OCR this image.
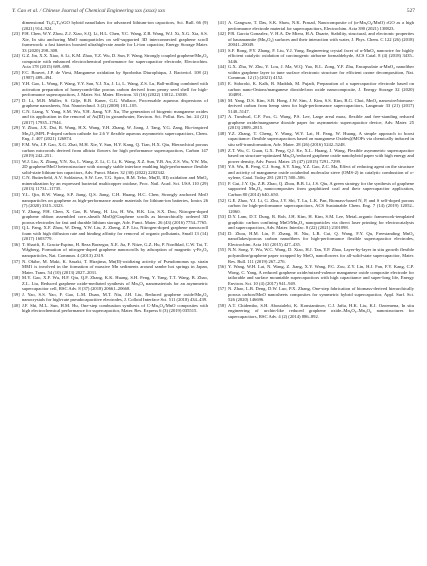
Y. Cao et al. / Chinese Journal of Chemical Engineering xxx (xxxx) xxx	527

dimensional Ti₃C₂Tₓ/rGO hybrid nanoflakes for advanced lithium-ion capacitors, Sci. Bull. 66 (9) (2021) 914–924.

[23] P.H. Chen, W.Y. Zhou, Z.J. Xiao, S.Q. Li, H.L. Chen, Y.C. Wang, Z.B. Wang, W.J. Xi, X.G. Xia, S.S. Xie, In situ anchoring MnO nanoparticles on self-supported 3D interconnected graphene scroll framework: a fast kinetics boosted ultrahigh-rate anode for Li-ion capacitor, Energy Storage Mater. 33 (2020) 298–308.

[24] G.Z. Jin, X.X. Xiao, S. Li, K.M. Zhao, Y.Z. Wu, D. Sun, F. Wang, Strongly coupled graphene/Mn₃O₄ composite with enhanced electrochemical performance for supercapacitor electrode, Electrochim. Acta 178 (2015) 689–698.

[25] F.C. Bouvet, J.P. de Viest, Manganese oxidation by Sprobrdus Diurophiqus, J. Bacteriol. 108 (2) (1987) 489–494.

[26] Y.H. Gao, L. Wang, F. Wang, Y.Y. Sun, Y.J. Xu, J. Li, L. Wang, Z.S. Lu, Ball-milling combined with activation preparation of honeycomb-like porous carbon derived from peony seed shell for high-performance supercapacitors, J. Mater. Sci. Mater. Electron. 33 (16) (2022) 13012–13038.

[27] D. Li, M.B. Müller, S. Gilje, R.B. Kaner, G.G. Wallace, Processable aqueous dispersions of graphene nanosheets, Nat. Nanotechnol. 3 (2) (2008) 101–105.

[28] C.N. Liang, Y. Yang, S.M. Wu, Y.H. Jiang, Y.F. Xu, The generation of biogenic manganese oxides and its application in the removal of As(III) in groundwater, Environ. Sci. Pollut. Res. Int. 24 (21) (2017) 17935–17944.

[29] Y. Zhou, J.X. Dai, R. Wang, H.X. Wang, Y.H. Zhang, W. Jiang, J. Tang, Y.G. Zang, Bio-inspired Mn₃O₄/MPL P-doped carbon cathode for 2.6 V flexible aqueous asymmetric supercapacitors, Chem. Eng. J. 407 (2021) 126874.

[30] F.M. Wu, J.P. Gao, X.G. Zhai, M.H. Xie, Y. Sun, H.Y. Kang, Q. Tian, H.X. Qiu, Hierarchical porous carbon microrods derived from albizia flowers for high performance supercapacitors, Carbon 147 (2019) 242–251.

[31] W.J. Liu, X. Zhang, Y.N. Xu, L. Wang, Z. Li, C. Li, K. Wang, X.Z. Sun, Y.B. An, Z.S. Wu, Y.W. Ma, 2D graphene/MnO heterostructure with strongly stable interface enabling high-performance flexible solid-state lithium-ion capacitors, Adv. Funct. Mater. 32 (30) (2022) 2202342.

[32] C.N. Butterfield, A.V. Soldatova, S.W. Lee, T.G. Spiro, B.M. Tebo, Mn(II, III) oxidation and MnO₂ mineralization by an expressed bacterial multicopper oxidase, Proc. Natl. Acad. Sci. USA 110 (29) (2013) 11731–11735.

[33] Y.L. Qin, R.W. Wang, S.P. Jiang, Q.S. Jiang, C.H. Huang, H.C. Chen, Strongly anchored MnO nanoparticles on graphene as high-performance anode materials for lithium-ion batteries, Ionics 26 (7) (2020) 3315–3323.

[34] Y. Zhang, P.H. Chen, X. Gao, B. Wang, H. Liu, H. Wu, H.K. Liu, S.X. Dou, Nitrogen-doped graphene ribbon assembled core–sheath MnO@Graphene scrolls as hierarchically ordered 3D porous electrodes for fast and durable lithium storage, Adv. Funct. Mater. 26 (43) (2016) 7754–7765.

[35] Q.L. Fang, X.F. Zhou, W. Deng, Y.W. Liu, Z. Zheng, Z.F. Liu, Nitrogen-doped graphene nanoscroll foam with high diffusion rate and binding affinity for removal of organic pollutants, Small 13 (14) (2017) 1603779.

[36] T. Sharifi, E. Gracia-Espino, H. Reza Barzegar, X.E. Jia, F. Nitze, G.Z. Hu, P. Nordblad, C.W. Tai, T. Wågberg, Formation of nitrogen-doped graphene nanoscrolls by adsorption of magnetic γ-Fe₂O₃ nanoparticles, Nat. Commun. 4 (2013) 2319.

[37] N. Okibe, M. Maki, K. Sasaki, T. Hirajima, Mn(II)-oxidizing activity of Pseudomonas sp. strain MM1 is involved in the formation of massive Mn sediments around sambe hot springs in Japan, Mater. Trans. 54 (10) (2013) 2027–2031.

[38] M.Y. Gao, X.F. Wu, H.F. Qiu, Q.F. Zhang, K.K. Huang, S.H. Feng, Y. Yang, T.T. Wang, B. Zhao, Z.L. Liu, Reduced graphene oxide-mediated synthesis of Mn₃O₄ nanomaterials for an asymmetric supercapacitor cell, RSC Adv. 8 (37) (2018) 20661–20668.

[39] J. Yao, S.S. Yao, F. Gao, L.M. Duan, M.T. Niu, J.H. Liu, Reduced graphene oxide/Mn₃O₄ nanocrystals for high-rate pseudocapacitive electrodes, J. Colloid Interface Sci. 511 (2018) 434–439.

[40] J.F. Shi, M.L. Sun, H.M. Hu, One-step combustion synthesis of C-Mn₃O₄/MnO composites with high electrochemical performance for supercapacitor, Mater. Res. Express 6 (3) (2019) 035515.

[41] A. Gangwar, T. Das, S.K. Shaw, N.K. Prasad, Nanocomposite of (α-Mn₃O₄/MnO) rGO as a high performance electrode material for supercapacitors, Electrochim. Acta 390 (2021) 138823.

[42] P.R. Garcia Gonzalez, V. H.A. De Miera, H.A. Duarte, Stability, structural, and electronic properties of hausmannite (Mn₃O₄) surfaces and their interaction with water, J. Phys. Chem. C 122 (26) (2018) 20041–20049.

[43] S.F. Rong, P.Y. Zhang, F. Liu, Y.J. Yang, Engineering crystal facet of α-MnO₂ nanowire for highly efficient catalytic oxidation of carcinogenic airborne formaldehyde, ACS Catal. 8 (4) (2018) 3435–3446.

[44] G.X. Zhu, W. Zhu, Y. Lou, J. Ma, W.Q. Yao, R.L. Zong, Y.F. Zhu, Encapsulate α-MnO₂ nanofiber within graphene layer to tune surface electronic structure for efficient ozone decomposition, Nat. Commun. 12 (1) (2021) 4152.

[45] E. Sidoroki, K. Kalb, B. Maddah, M. Pujadi, Preparation of a supercapacitor electrode based on carbon nano-Onions/manganese dioxide/iron oxide nanocomposite, J. Energy Storage 32 (2020) 104891.

[46] M. Yang, D.S. Kim, S.B. Hong, J.W. Sim, J. Kim, S.S. Kim, B.G. Choi, MnO₂ nanowire/biomass-derived carbon from hemp stem for high-performance supercapacitors, Langmuir 33 (21) (2017) 5140–5147.

[47] A. Tundwal, C.F. Fox, G. Wang, P.S. Lee, Large areal mass, flexible and free-standing reduced graphene oxide/manganese dioxide paper for asymmetric supercapacitor device, Adv. Mater. 25 (2013) 2809–2815.

[48] Y.Z. Zhang, T. Cheng, Y. Wang, W.Y. Lai, H. Pang, W. Huang, A simple approach to boost capacitance: flexible supercapacitors based on manganese Oxides@MOFs via chemically induced in situ self-transformation, Adv. Mater. 28 (26) (2016) 5242–5248.

[49] Z.T. Wu, C. Guan, G.X. Feng, Q.J. Ke, X.L. Huang, J. Wang, Flexible asymmetric supercapacitor based on structure-optimized Mn₃O₄/reduced graphene oxide nanohybrid paper with high energy and power density, Adv. Funct. Mater. 25 (47) (2015) 7291–7299.

[50] Y.S. Wu, R. Feng, C.J. Song, S.Y. Xing, Y.Z. Gao, Z.C. Ma, Effect of reducing agent on the structure and activity of manganese oxide octahedral molecular sieve (OMS-2) in catalytic combustion of o-xylene, Catal. Today 281 (2017) 500–506.

[51] F. Gui, J.Y. Qu, Z.B. Zhao, Q. Zhou, B.B. Li, J.S. Qiu, A green strategy for the synthesis of graphene supported Mn₃O₄ nanocomposites from graphitized coal and their supercapacitor application, Carbon 80 (2014) 640–650.

[52] G.E. Zhao, Y.J. Li, G. Zhu, J.Y. Shi, T. Lu, L.K. Pan, Biomass-based N, P, and S self-doped porous carbon for high-performance supercapacitors, ACS Sustainable Chem. Eng. 7 (14) (2019) 12052–12060.

[53] D.Y. Lam, D.T. Dung, R. Roh, J.H. Kim, H. Kim, S.M. Lee, Metal–organic framework-templated graphitic carbon confining MnO/Mn₃O₄ nanoparticles via direct laser printing for electrocatalysts and supercapacitors, Adv. Mater. Interfac. 8 (22) (2021) 2101098.

[54] D. Zhou, H.M. Lin, F. Zhang, H. Niu, L.R. Cui, Q. Wang, F.Y. Qu, Freestanding MnO₂ nanoflakes/porous carbon nanofibers for high-performance flexible supercapacitor electrodes, Electrochim. Acta 161 (2015) 427–435.

[55] N.N. Song, Y. Wu, W.C. Wang, D. Xiao, H.J. Tan, Y.P. Zhao, Layer-by-layer in situ growth flexible polyaniline/graphene paper wrapped by MnO₂ nanoflowers for all-solid-state supercapacitor, Mater. Res. Bull. 111 (2019) 267–276.

[56] Y. Wang, W.H. Lai, N. Wang, Z. Jiang, X.Y. Wang, P.C. Zou, Z.Y. Lin, H.J. Fan, F.Y. Kang, C.P. Wong, C. Yang, A reduced graphene oxide/mixed-valence manganese oxide composite electrode for tailorable and surface mountable supercapacitors with high capacitance and super-long life, Energy Environ. Sci. 10 (4) (2017) 941–949.

[57] N. Zhao, L.B. Deng, D.W. Luo, P.X. Zhang, One-step fabrication of biomass-derived hierarchically porous carbon/MnO nanosheets composites for symmetric hybrid supercapacitor, Appl. Surf. Sci. 526 (2020) 146696.

[58] A.T. Chidembo, S.H. Aboutalebi, K. Konstantinov, C.J. Jafta, H.K. Liu, K.I. Ozoemena, In situ engineering of urchin-like reduced graphene oxide–Mn₂O₃–Mn₃O₄ nanostructures for supercapacitors, RSC Adv. 4 (2) (2014) 886–892.
